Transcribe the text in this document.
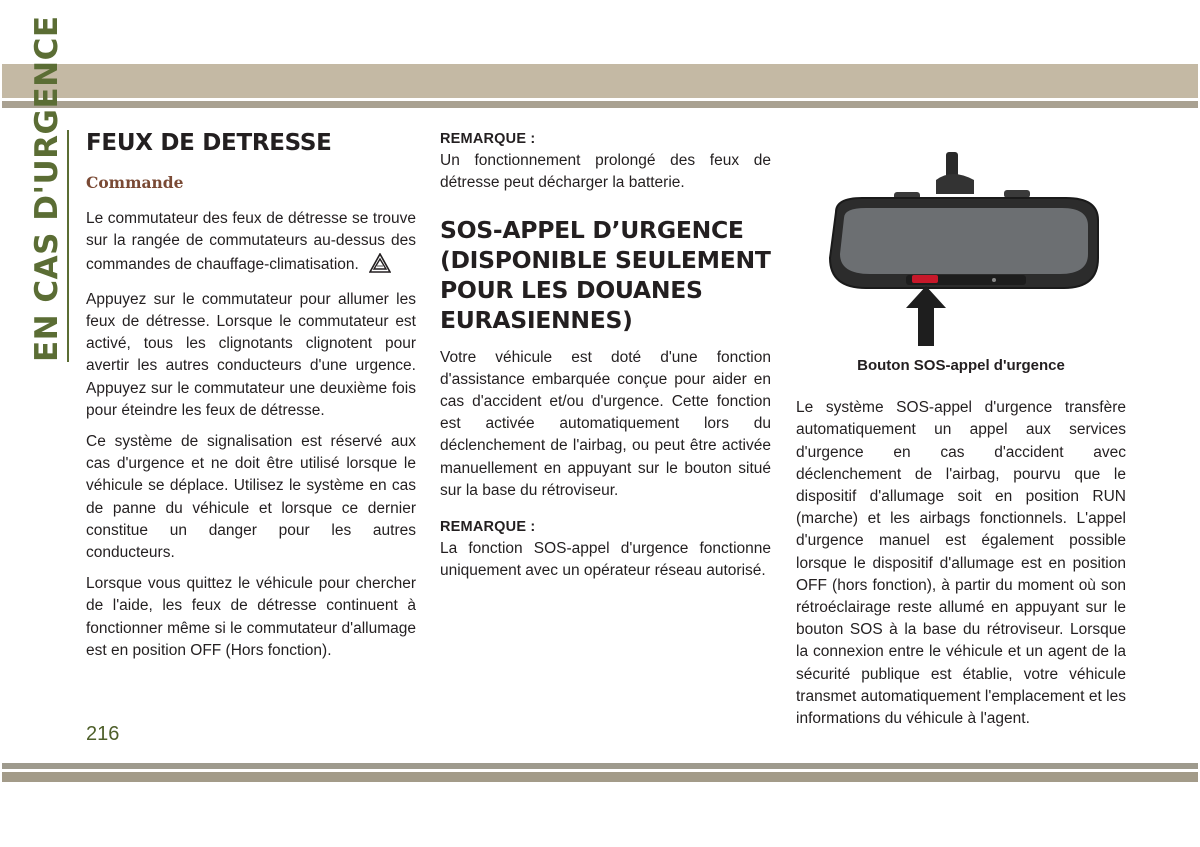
EN CAS D'URGENCE FEUX DE DETRESSE
Commande

Le commutateur des feux de détresse se trouve sur la rangée de commutateurs au-dessus des commandes de chauffage-climatisation.

Appuyez sur le commutateur pour allumer les feux de détresse. Lorsque le commutateur est activé, tous les clignotants clignotent pour avertir les autres conducteurs d'une urgence. Appuyez sur le commutateur une deuxième fois pour éteindre les feux de détresse.

Ce système de signalisation est réservé aux cas d'urgence et ne doit être utilisé lorsque le véhicule se déplace. Utilisez le système en cas de panne du véhicule et lorsque ce dernier constitue un danger pour les autres conducteurs.

Lorsque vous quittez le véhicule pour chercher de l'aide, les feux de détresse continuent à fonctionner même si le commutateur d'allumage est en position OFF (Hors fonction).

REMARQUE :

Un fonctionnement prolongé des feux de détresse peut décharger la batterie.

SOS-APPEL D’URGENCE (DISPONIBLE SEULEMENT POUR LES DOUANES EURASIENNES)

Votre véhicule est doté d'une fonction d'assistance embarquée conçue pour aider en cas d'accident et/ou d'urgence. Cette fonction est activée automatiquement lors du déclenchement de l'airbag, ou peut être activée manuellement en appuyant sur le bouton situé sur la base du rétroviseur.

REMARQUE :

La fonction SOS-appel d'urgence fonctionne uniquement avec un opérateur réseau autorisé.

Bouton SOS-appel d'urgence

Le système SOS-appel d'urgence transfère automatiquement un appel aux services d'urgence en cas d'accident avec déclenchement de l'airbag, pourvu que le dispositif d'allumage soit en position RUN (marche) et les airbags fonctionnels. L'appel d'urgence manuel est également possible lorsque le dispositif d'allumage est en position OFF (hors fonction), à partir du moment où son rétroéclairage reste allumé en appuyant sur le bouton SOS à la base du rétroviseur. Lorsque la connexion entre le véhicule et un agent de la sécurité publique est établie, votre véhicule transmet automatiquement l'emplacement et les informations du véhicule à l'agent.

216
